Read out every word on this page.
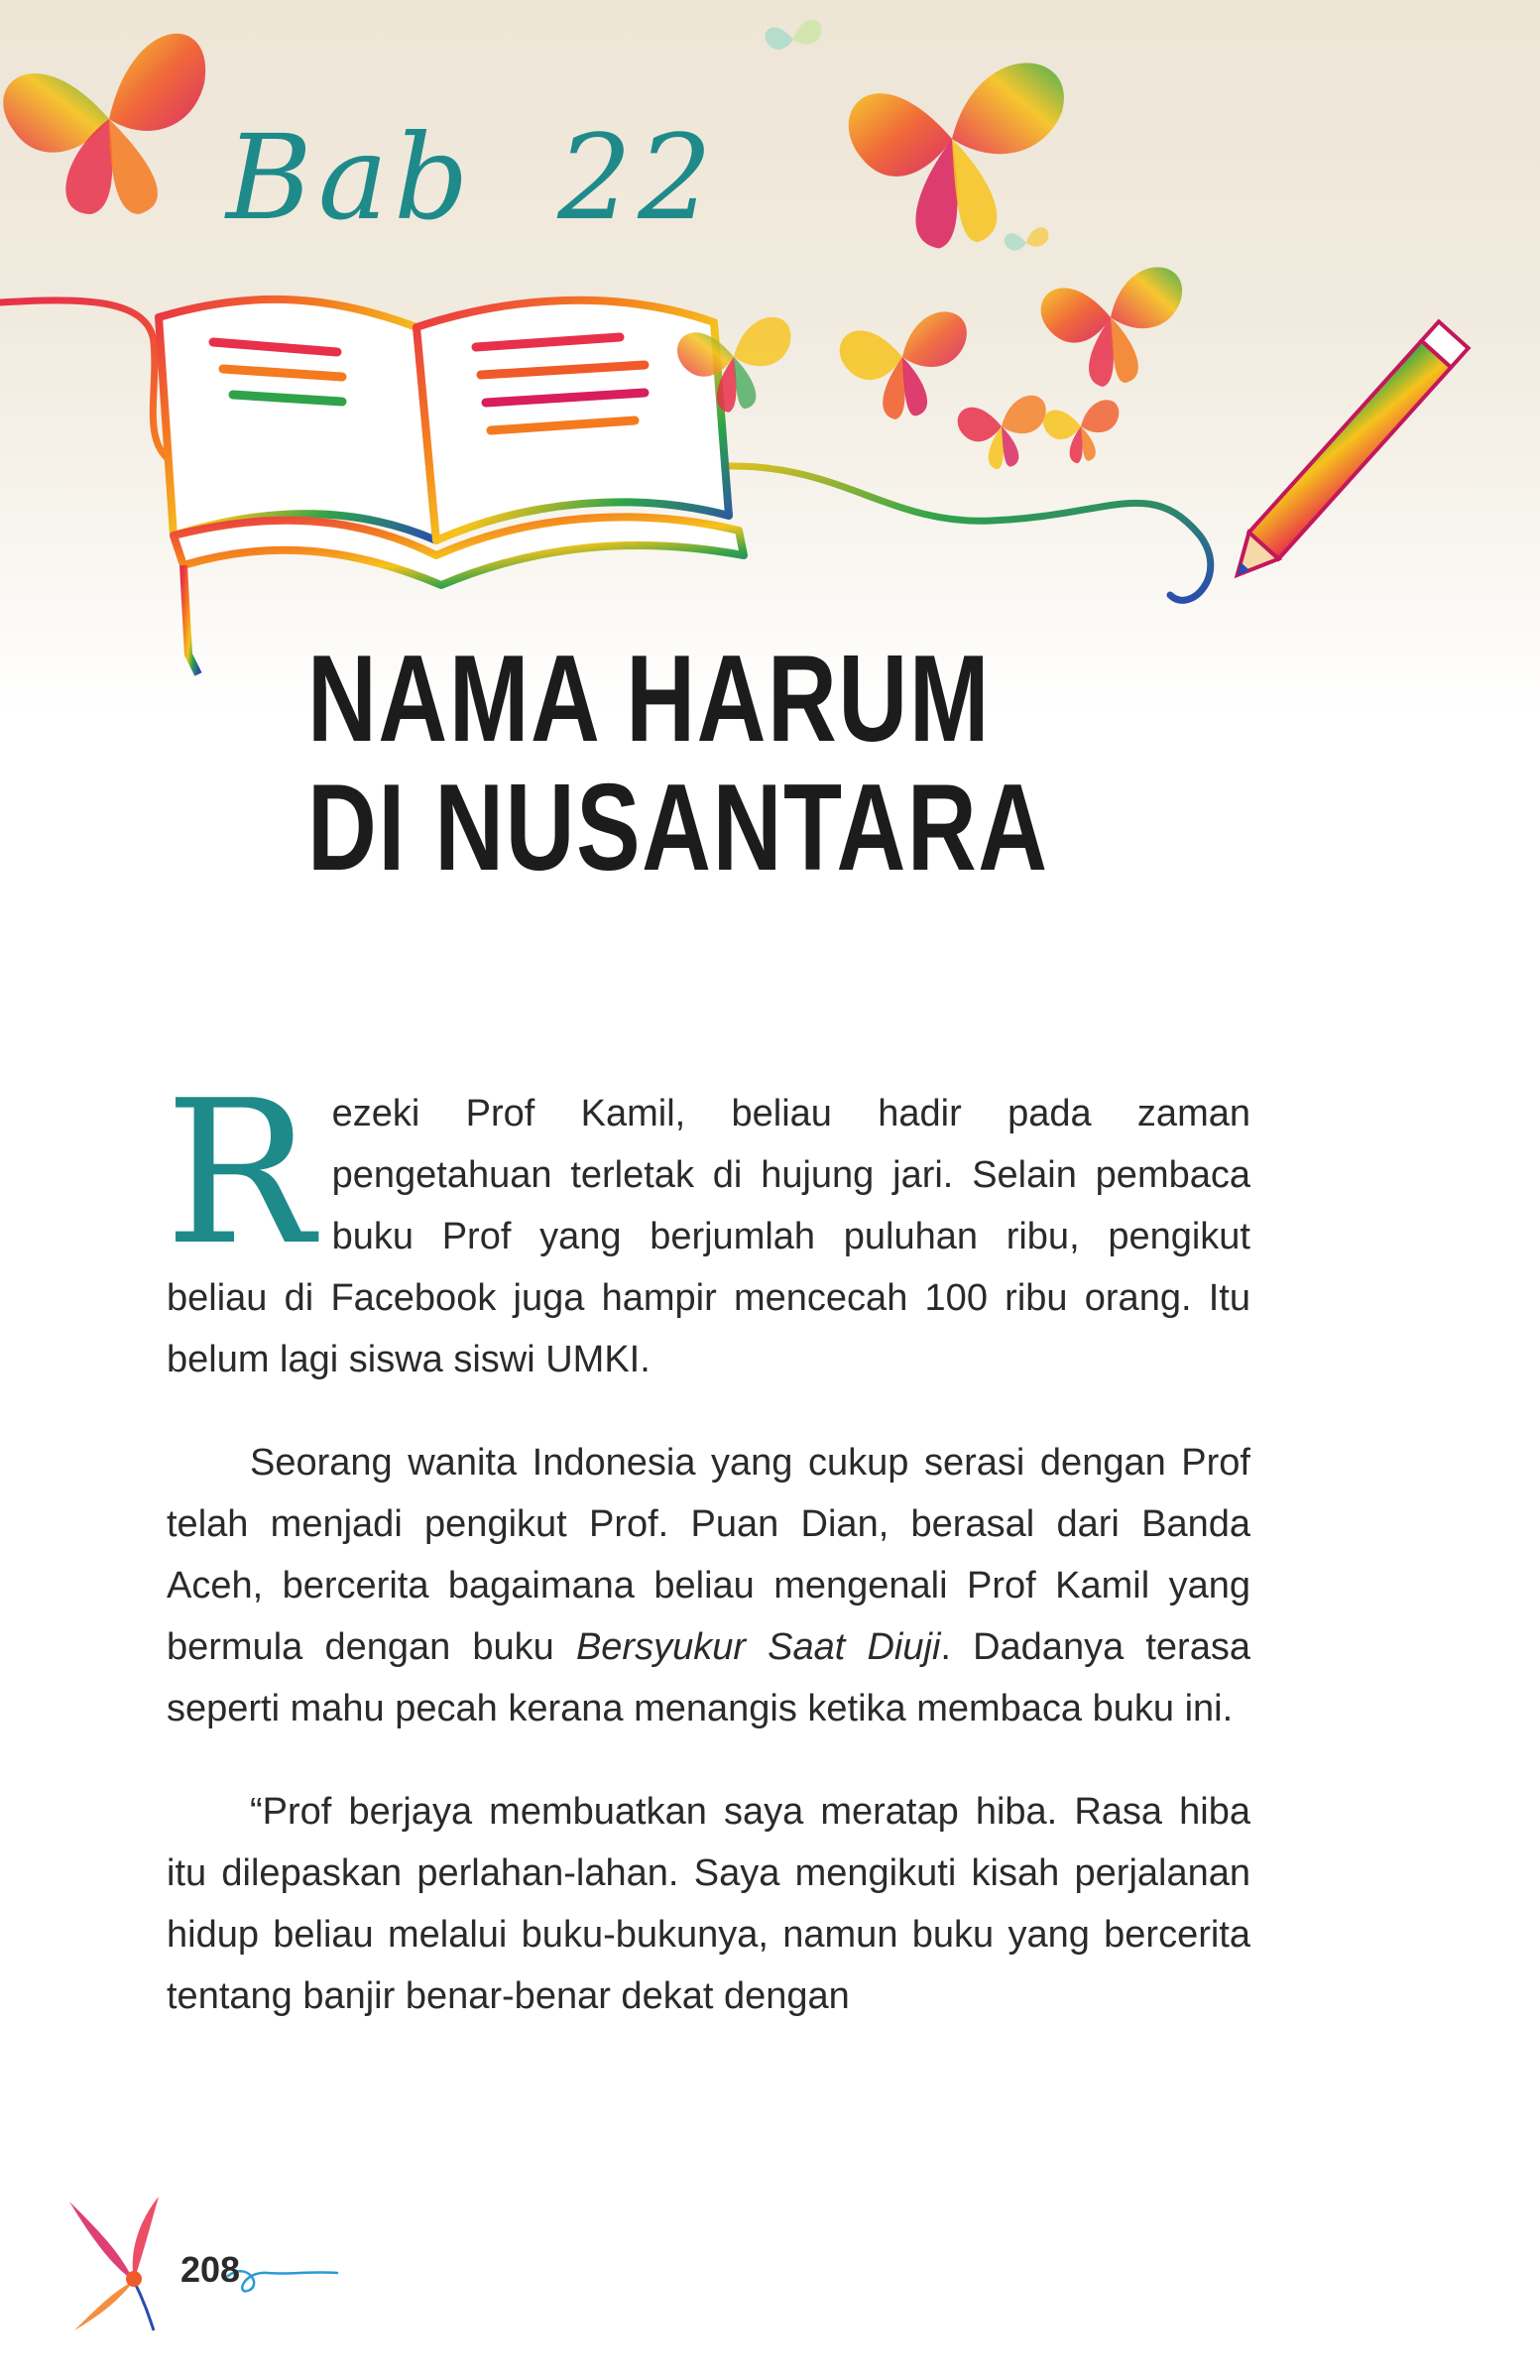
Bab 22
NAMA HARUM
DI NUSANTARA

Rezeki Prof Kamil, beliau hadir pada zaman pengetahuan terletak di hujung jari. Selain pembaca buku Prof yang berjumlah puluhan ribu, pengikut beliau di Facebook juga hampir mencecah 100 ribu orang. Itu belum lagi siswa siswi UMKI.

Seorang wanita Indonesia yang cukup serasi dengan Prof telah menjadi pengikut Prof. Puan Dian, berasal dari Banda Aceh, bercerita bagaimana beliau mengenali Prof Kamil yang bermula dengan buku Bersyukur Saat Diuji. Dadanya terasa seperti mahu pecah kerana menangis ketika membaca buku ini.

“Prof berjaya membuatkan saya meratap hiba. Rasa hiba itu dilepaskan perlahan-lahan. Saya mengikuti kisah perjalanan hidup beliau melalui buku-bukunya, namun buku yang bercerita tentang banjir benar-benar dekat dengan

208
